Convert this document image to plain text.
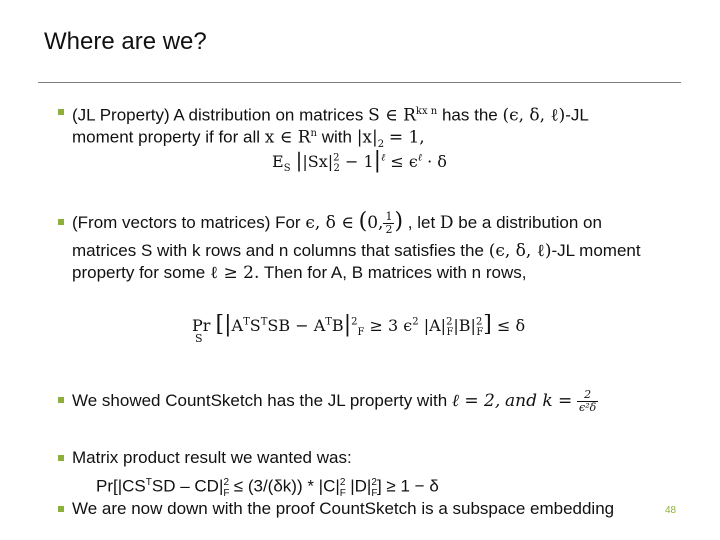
Where are we?
(JL Property) A distribution on matrices S ∈ $R^{kx n}$ has the (ϵ, δ, ℓ)-JL
moment property if for all x ∈ $R^n$ with $|x|_2 = 1$,
$E_S$ $||Sx|^2_2 - 1|^\ell \le \epsilon^\ell \cdot \delta$
(From vectors to matrices) For ϵ, δ ∈ (0, $\frac{1}{2}$ ) , let D be a distribution on
matrices S with k rows and n columns that satisfies the (ϵ, δ, ℓ)-JL moment
property for some ℓ ≥ 2. Then for A, B matrices with n rows,
Pr
S
[$|A^TS^TSB - A^TB|^2_F \ge 3$ $\epsilon^2$ $|A|^2_F|B|^2_F] \le \delta$
We showed CountSketch has the JL property with ℓ = 2, and $k = \frac{2}{\text{ϵ²δ}}$
Matrix product result we wanted was:
$Pr[|CS^TSD - CD|_F^2 \le (3/(\delta k)) * |C|_F^2$ $|D|_F^2] \ge 1 - \delta$
We are now down with the proof CountSketch is a subspace embedding	48
